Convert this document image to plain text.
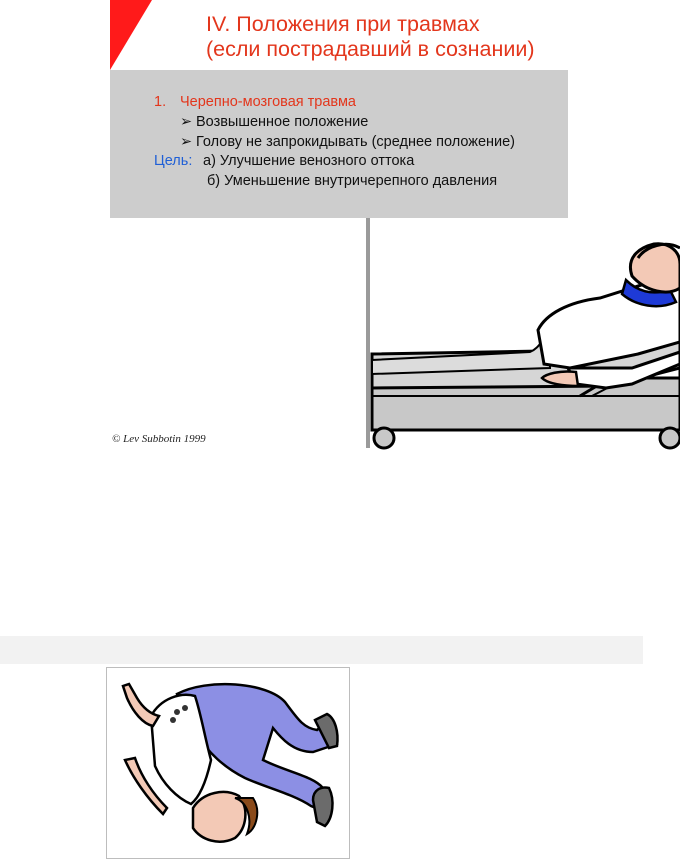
IV. Положения при травмах
(если пострадавший в сознании)
1. Черепно-мозговая травма
➢ Возвышенное положение
➢ Голову не запрокидывать (среднее положение)
Цель: а) Улучшение венозного оттока
б) Уменьшение внутричерепного давления
© Lev Subbotin 1999
